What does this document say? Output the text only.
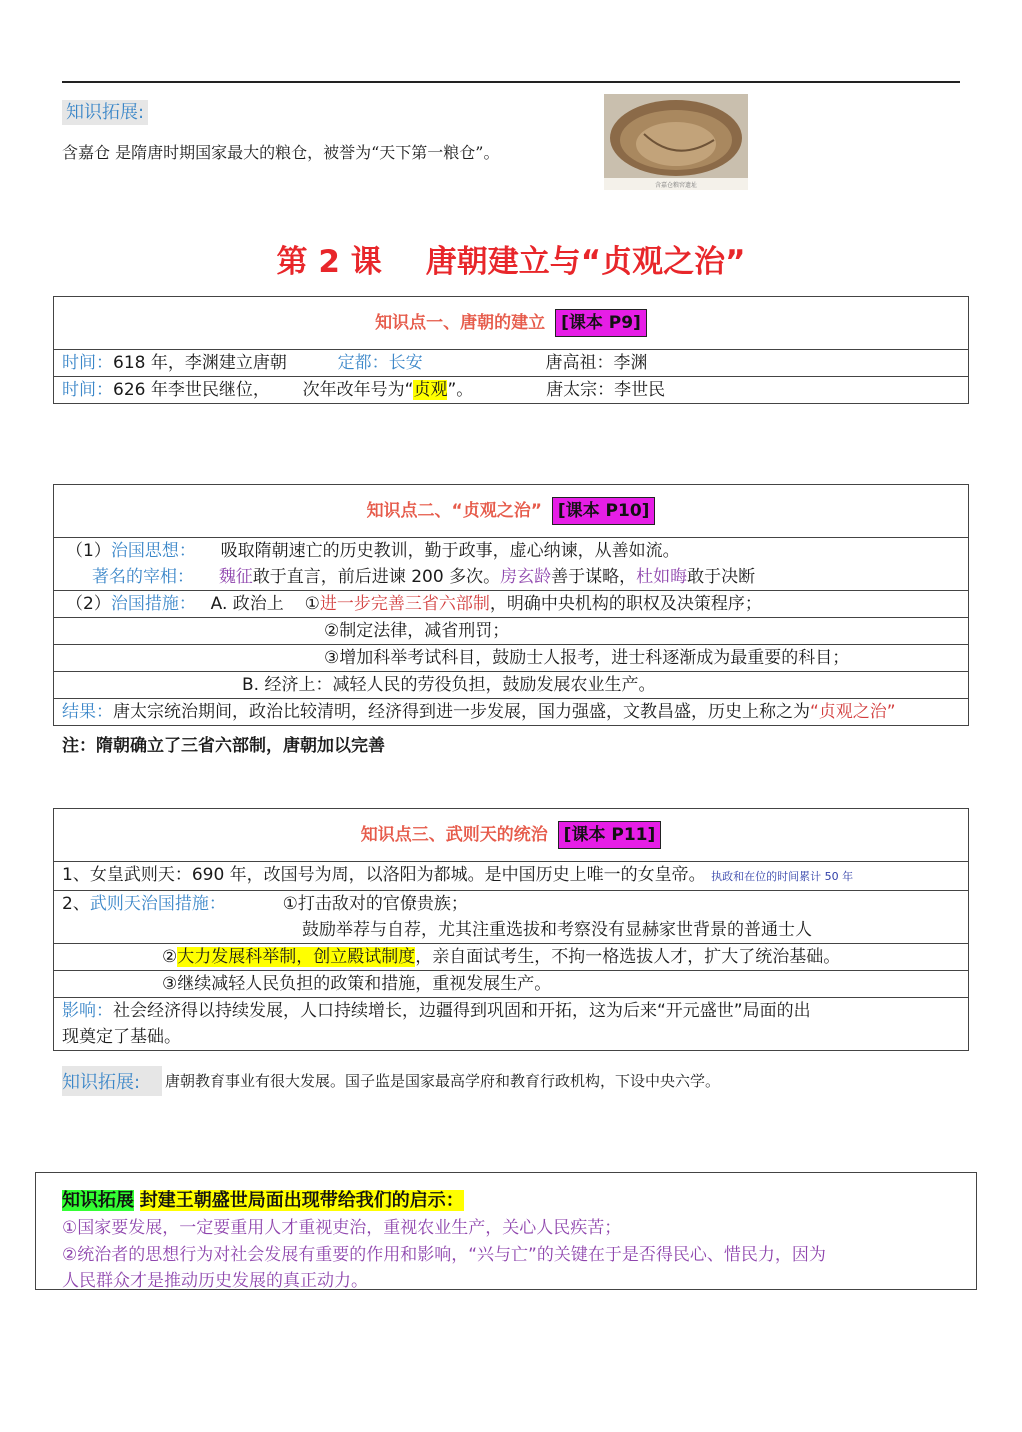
知识拓展:
含嘉仓 是隋唐时期国家最大的粮仓，被誉为“天下第一粮仓”。
含嘉仓粮窖遗址
第 2 课 唐朝建立与“贞观之治”
知识点一、唐朝的建立 [课本 P9]
时间：618 年，李渊建立唐朝	定都：长安	唐高祖：李渊
时间：626 年李世民继位， 次年改年号为“贞观”。	唐太宗：李世民
知识点二、“贞观之治” [课本 P10]
（1）治国思想： 吸取隋朝速亡的历史教训，勤于政事，虚心纳谏，从善如流。
著名的宰相： 魏征敢于直言，前后进谏 200 多次。房玄龄善于谋略，杜如晦敢于决断
（2）治国措施： A. 政治上 ①进一步完善三省六部制，明确中央机构的职权及决策程序；
②制定法律，减省刑罚；
③增加科举考试科目，鼓励士人报考，进士科逐渐成为最重要的科目；
B. 经济上：减轻人民的劳役负担，鼓励发展农业生产。
结果：唐太宗统治期间，政治比较清明，经济得到进一步发展，国力强盛，文教昌盛，历史上称之为“贞观之治”
注：隋朝确立了三省六部制，唐朝加以完善
知识点三、武则天的统治 [课本 P11]
1、女皇武则天：690 年，改国号为周，以洛阳为都城。是中国历史上唯一的女皇帝。 执政和在位的时间累计 50 年
2、武则天治国措施：	①打击敌对的官僚贵族；
鼓励举荐与自荐，尤其注重选拔和考察没有显赫家世背景的普通士人
②大力发展科举制，创立殿试制度，亲自面试考生，不拘一格选拔人才，扩大了统治基础。
③继续减轻人民负担的政策和措施，重视发展生产。
影响：社会经济得以持续发展，人口持续增长，边疆得到巩固和开拓，这为后来“开元盛世”局面的出
现奠定了基础。
知识拓展: 唐朝教育事业有很大发展。国子监是国家最高学府和教育行政机构，下设中央六学。
知识拓展 封建王朝盛世局面出现带给我们的启示：
①国家要发展，一定要重用人才重视吏治，重视农业生产，关心人民疾苦；
②统治者的思想行为对社会发展有重要的作用和影响，“兴与亡”的关键在于是否得民心、惜民力，因为
人民群众才是推动历史发展的真正动力。
